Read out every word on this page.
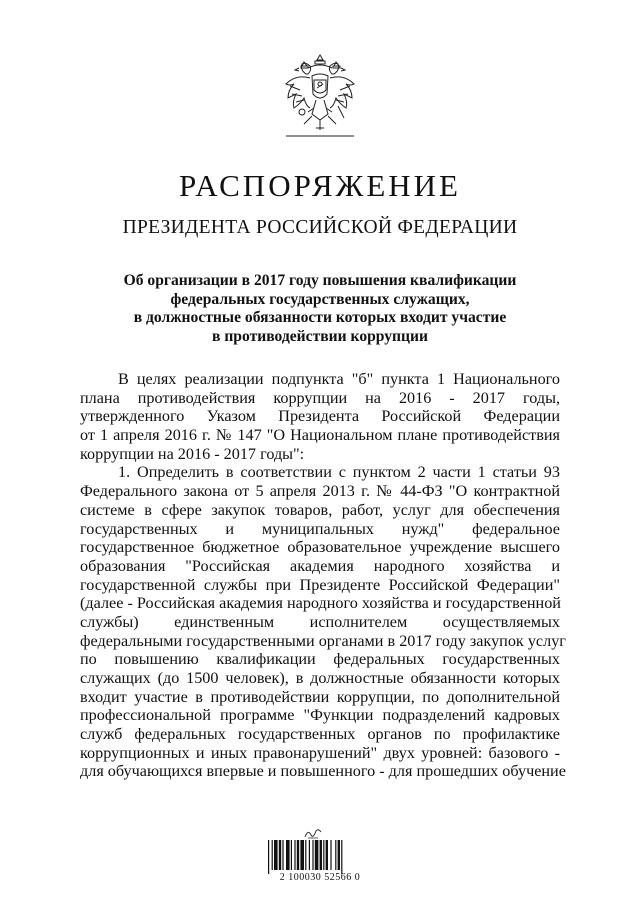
РАСПОРЯЖЕНИЕ
ПРЕЗИДЕНТА РОССИЙСКОЙ ФЕДЕРАЦИИ
Об организации в 2017 году повышения квалификации
федеральных государственных служащих,
в должностные обязанности которых входит участие
в противодействии коррупции
В целях реализации подпункта "б" пункта 1 Национального
плана противодействия коррупции на 2016 - 2017 годы,
утвержденного Указом Президента Российской Федерации
от 1 апреля 2016 г. № 147 "О Национальном плане противодействия
коррупции на 2016 - 2017 годы":
1. Определить в соответствии с пунктом 2 части 1 статьи 93
Федерального закона от 5 апреля 2013 г. № 44-ФЗ "О контрактной
системе в сфере закупок товаров, работ, услуг для обеспечения
государственных и муниципальных нужд" федеральное
государственное бюджетное образовательное учреждение высшего
образования "Российская академия народного хозяйства и
государственной службы при Президенте Российской Федерации"
(далее - Российская академия народного хозяйства и государственной
службы) единственным исполнителем осуществляемых
федеральными государственными органами в 2017 году закупок услуг
по повышению квалификации федеральных государственных
служащих (до 1500 человек), в должностные обязанности которых
входит участие в противодействии коррупции, по дополнительной
профессиональной программе "Функции подразделений кадровых
служб федеральных государственных органов по профилактике
коррупционных и иных правонарушений" двух уровней: базового -
для обучающихся впервые и повышенного - для прошедших обучение
2 100030 52566 0
